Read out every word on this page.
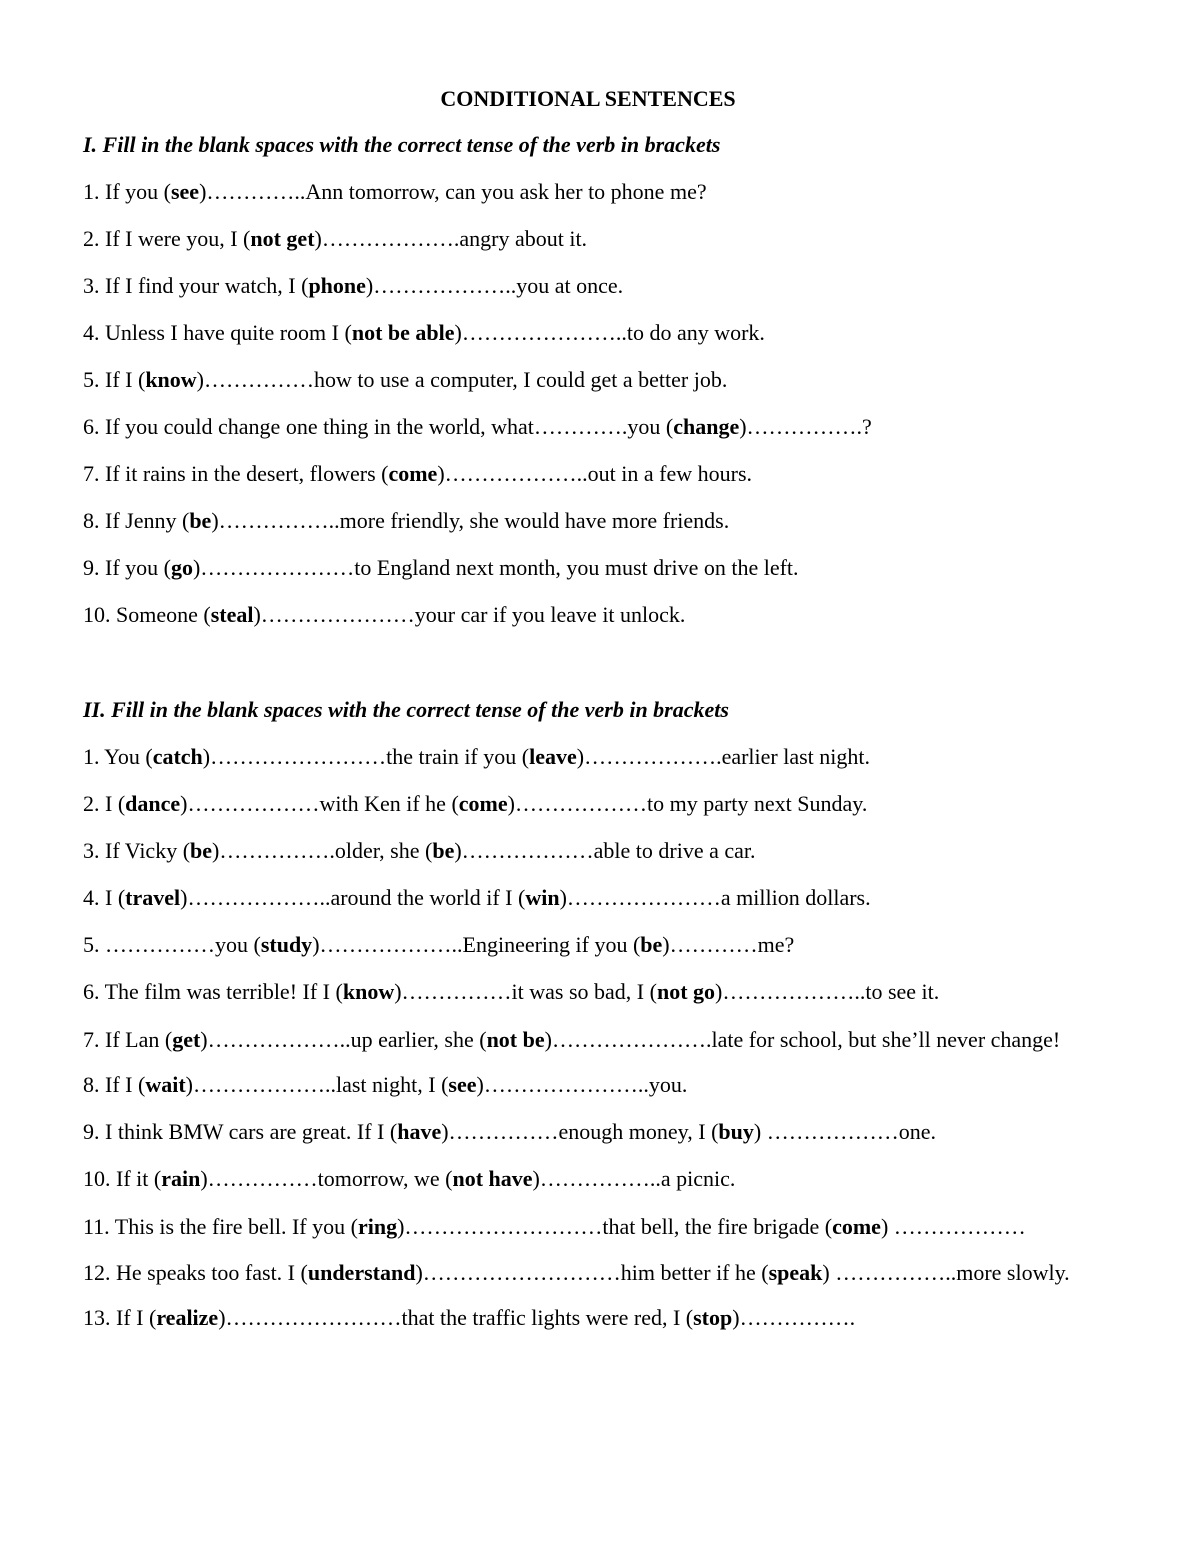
CONDITIONAL SENTENCES
I. Fill in the blank spaces with the correct tense of the verb in brackets
1. If you (see)…………..Ann tomorrow, can you ask her to phone me?
2. If I were you, I (not get)……………….angry about it.
3. If I find your watch, I (phone)………………..you at once.
4. Unless I have quite room I (not be able)…………………..to do any work.
5. If I (know)……………how to use a computer, I could get a better job.
6. If you could change one thing in the world, what………….you (change)…………….?
7. If it rains in the desert, flowers (come)………………..out in a few hours.
8. If Jenny (be)……………..more friendly, she would have more friends.
9. If you (go)…………………to England next month, you must drive on the left.
10. Someone (steal)…………………your car if you leave it unlock.
II. Fill in the blank spaces with the correct tense of the verb in brackets
1. You (catch)……………………the train if you (leave)……………….earlier last night.
2. I (dance)………………with Ken if he (come)………………to my party next Sunday.
3. If Vicky (be)…………….older, she (be)………………able to drive a car.
4. I (travel)………………..around the world if I (win)…………………a million dollars.
5. ……………you (study)………………..Engineering if you (be)…………me?
6. The film was terrible! If I (know)……………it was so bad, I (not go)………………..to see it.
7. If Lan (get)………………..up earlier, she (not be)………………….late for school, but she’ll never change!
8. If I (wait)………………..last night, I (see)…………………..you.
9. I think BMW cars are great. If I (have)……………enough money, I (buy) ………………one.
10. If it (rain)……………tomorrow, we (not have)……………..a picnic.
11. This is the fire bell. If you (ring)………………………that bell, the fire brigade (come) ………………
12. He speaks too fast. I (understand)………………………him better if he (speak) ……………..more slowly.
13. If I (realize)……………………that the traffic lights were red, I (stop)…………….
